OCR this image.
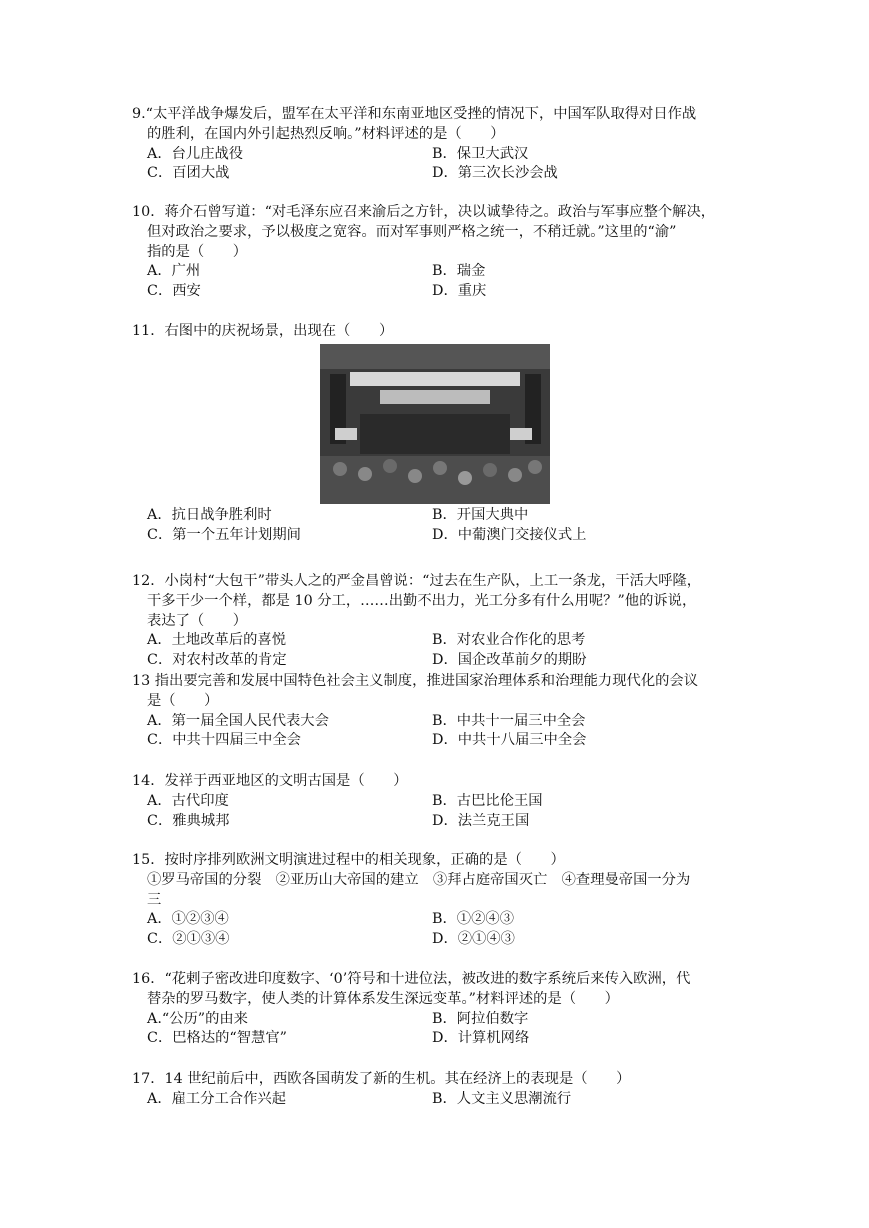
9.“太平洋战争爆发后，盟军在太平洋和东南亚地区受挫的情况下，中国军队取得对日作战

的胜利，在国内外引起热烈反响。”材料评述的是（　　）

A．台儿庄战役	B．保卫大武汉
C．百团大战	D．第三次长沙会战

10．蒋介石曾写道：“对毛泽东应召来渝后之方针，决以诚挚待之。政治与军事应整个解决，
但对政治之要求，予以极度之宽容。而对军事则严格之统一，不稍迁就。”这里的“渝”
指的是（　　）

A．广州	B．瑞金
C．西安	D．重庆

11．右图中的庆祝场景，出现在（　　）

A．抗日战争胜利时	B．开国大典中
C．第一个五年计划期间	D．中葡澳门交接仪式上

12．小岗村“大包干”带头人之的严金昌曾说：“过去在生产队，上工一条龙，干活大呼隆，
干多干少一个样，都是 10 分工，……出勤不出力，光工分多有什么用呢？”他的诉说，
表达了（　　）

A．土地改革后的喜悦	B．对农业合作化的思考
C．对农村改革的肯定	D．国企改革前夕的期盼

13 指出要完善和发展中国特色社会主义制度，推进国家治理体系和治理能力现代化的会议
是（　　）

A．第一届全国人民代表大会	B．中共十一届三中全会
C．中共十四届三中全会	D．中共十八届三中全会

14．发祥于西亚地区的文明古国是（　　）

A．古代印度	B．古巴比伦王国
C．雅典城邦	D．法兰克王国

15．按时序排列欧洲文明演进过程中的相关现象，正确的是（　　）

①罗马帝国的分裂　②亚历山大帝国的建立　③拜占庭帝国灭亡　④查理曼帝国一分为
三
A．①②③④	B．①②④③
C．②①③④	D．②①④③

16．“花剌子密改进印度数字、‘0’符号和十进位法，被改进的数字系统后来传入欧洲，代
替杂的罗马数字，使人类的计算体系发生深远变革。”材料评述的是（　　）

A.“公历”的由来	B．阿拉伯数字
C．巴格达的“智慧官”	D．计算机网络

17．14 世纪前后中，西欧各国萌发了新的生机。其在经济上的表现是（　　）

A．雇工分工合作兴起	B．人文主义思潮流行
